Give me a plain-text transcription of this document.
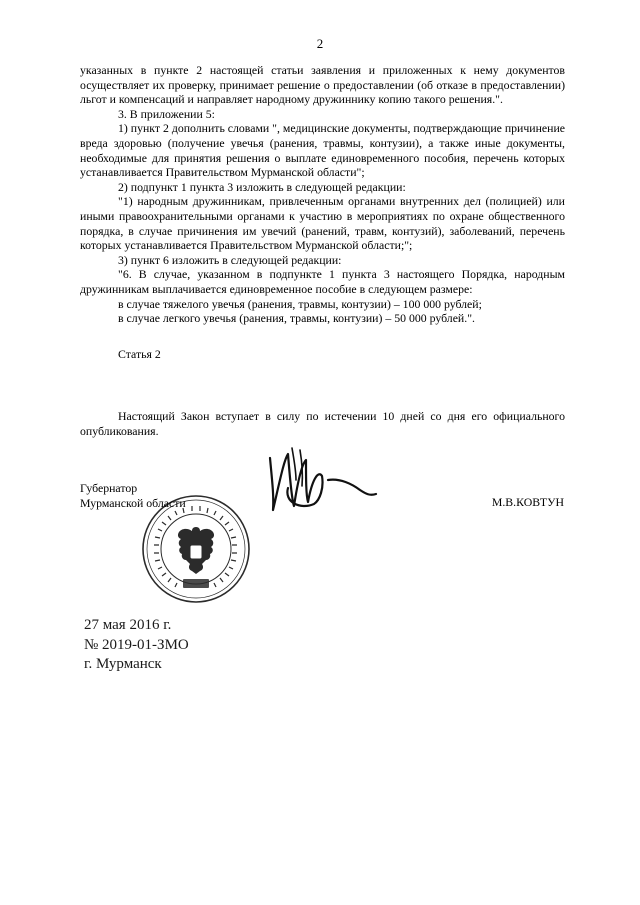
2

указанных в пункте 2 настоящей статьи заявления и приложенных к нему документов осуществляет их проверку, принимает решение о предоставлении (об отказе в предоставлении) льгот и компенсаций и направляет народному дружиннику копию такого решения.".

3. В приложении 5:

1) пункт 2 дополнить словами ", медицинские документы, подтверждающие причинение вреда здоровью (получение увечья (ранения, травмы, контузии), а также иные документы, необходимые для принятия решения о выплате единовременного пособия, перечень которых устанавливается Правительством Мурманской области";

2) подпункт 1 пункта 3 изложить в следующей редакции:

"1) народным дружинникам, привлеченным органами внутренних дел (полицией) или иными правоохранительными органами к участию в мероприятиях по охране общественного порядка, в случае причинения им увечий (ранений, травм, контузий), заболеваний, перечень которых устанавливается Правительством Мурманской области;";

3) пункт 6 изложить в следующей редакции:

"6. В случае, указанном в подпункте 1 пункта 3 настоящего Порядка, народным дружинникам выплачивается единовременное пособие в следующем размере:

в случае тяжелого увечья (ранения, травмы, контузии) – 100 000 рублей;

в случае легкого увечья (ранения, травмы, контузии) – 50 000 рублей.".

Статья 2

Настоящий Закон вступает в силу по истечении 10 дней со дня его официального опубликования.

Губернатор
Мурманской области	М.В.КОВТУН
27 мая 2016 г.
№ 2019-01-ЗМО
г. Мурманск
